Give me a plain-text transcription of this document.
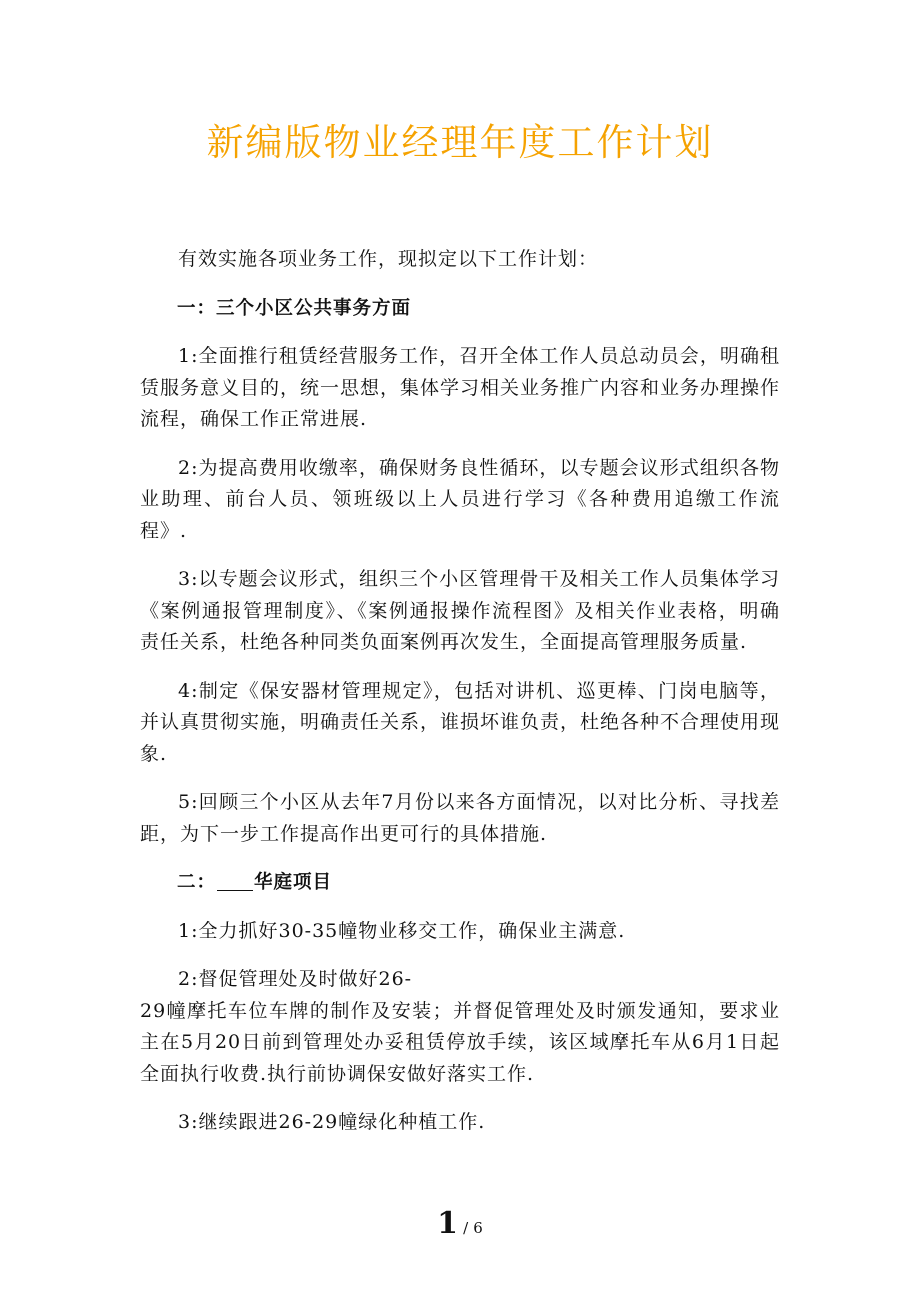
新编版物业经理年度工作计划

有效实施各项业务工作，现拟定以下工作计划：

一：三个小区公共事务方面

1:全面推行租赁经营服务工作，召开全体工作人员总动员会，明确租赁服务意义目的，统一思想，集体学习相关业务推广内容和业务办理操作流程，确保工作正常进展.

2:为提高费用收缴率，确保财务良性循环，以专题会议形式组织各物业助理、前台人员、领班级以上人员进行学习《各种费用追缴工作流程》.

3:以专题会议形式，组织三个小区管理骨干及相关工作人员集体学习《案例通报管理制度》、《案例通报操作流程图》及相关作业表格，明确责任关系，杜绝各种同类负面案例再次发生，全面提高管理服务质量.

4:制定《保安器材管理规定》，包括对讲机、巡更棒、门岗电脑等，并认真贯彻实施，明确责任关系，谁损坏谁负责，杜绝各种不合理使用现象.

5:回顾三个小区从去年7月份以来各方面情况，以对比分析、寻找差距，为下一步工作提高作出更可行的具体措施.

二： 华庭项目

1:全力抓好30-35幢物业移交工作，确保业主满意.

2:督促管理处及时做好26-
29幢摩托车位车牌的制作及安装；并督促管理处及时颁发通知，要求业主在5月20日前到管理处办妥租赁停放手续，该区域摩托车从6月1日起全面执行收费.执行前协调保安做好落实工作.

3:继续跟进26-29幢绿化种植工作.

1 / 6
